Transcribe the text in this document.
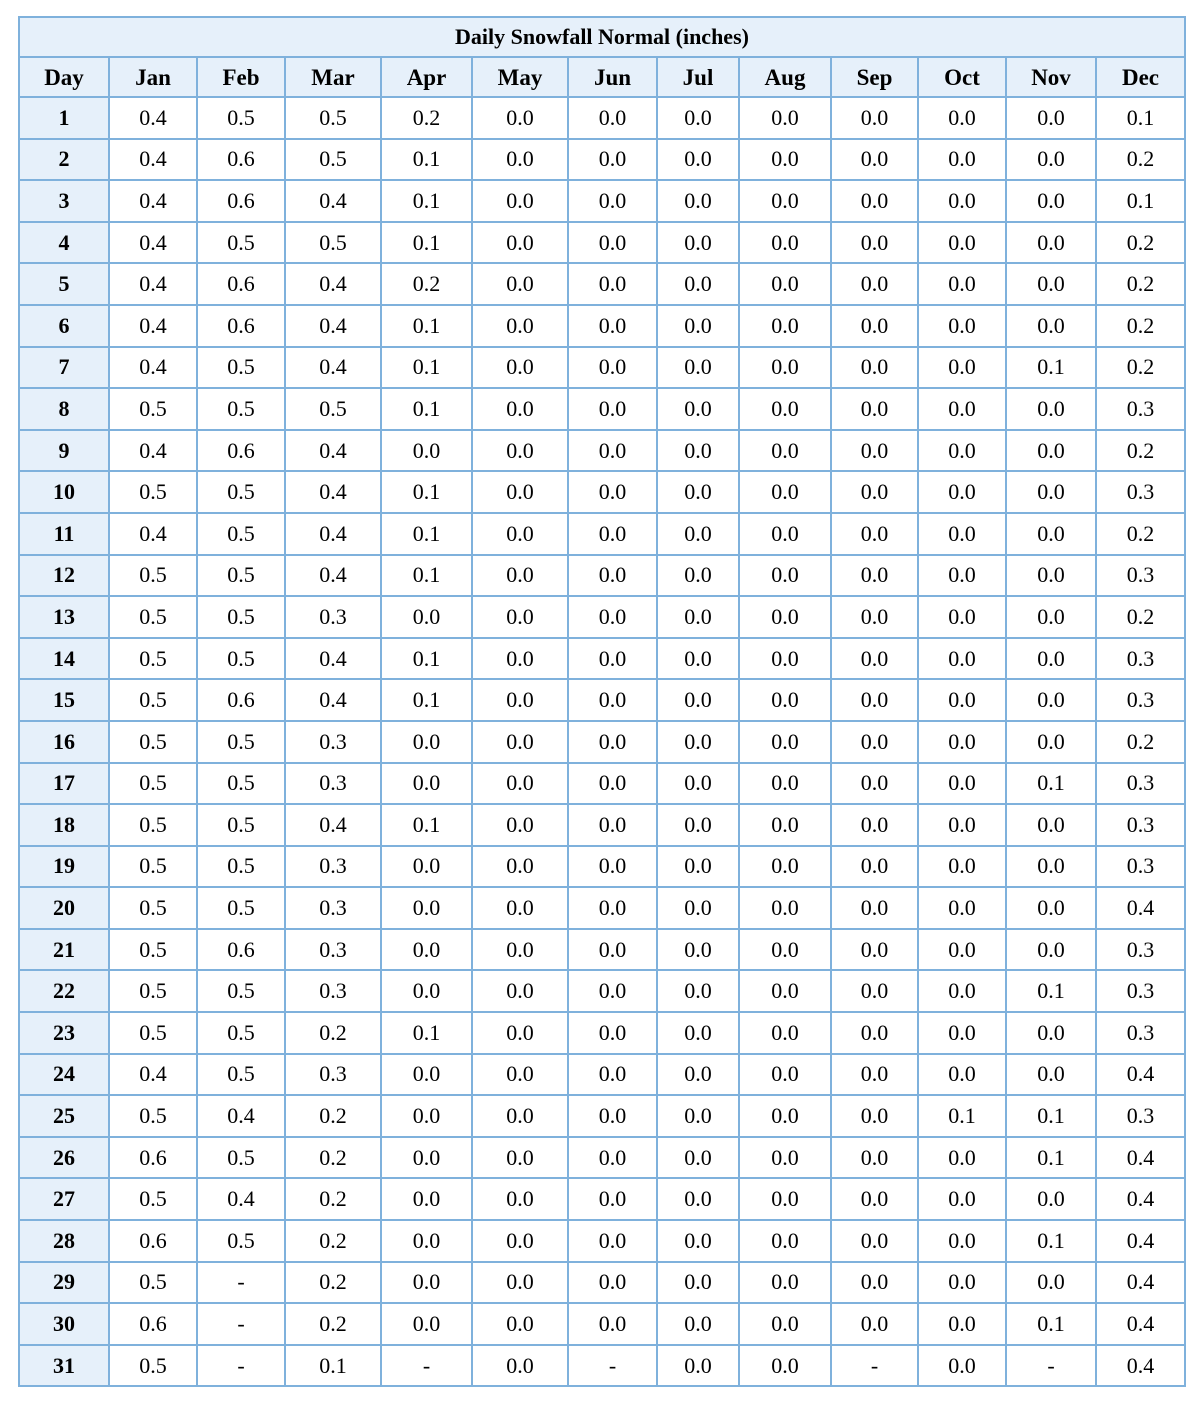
Daily Snowfall Normal (inches)												
Day	Jan	Feb	Mar	Apr	May	Jun	Jul	Aug	Sep	Oct	Nov	Dec
1	0.4	0.5	0.5	0.2	0.0	0.0	0.0	0.0	0.0	0.0	0.0	0.1
2	0.4	0.6	0.5	0.1	0.0	0.0	0.0	0.0	0.0	0.0	0.0	0.2
3	0.4	0.6	0.4	0.1	0.0	0.0	0.0	0.0	0.0	0.0	0.0	0.1
4	0.4	0.5	0.5	0.1	0.0	0.0	0.0	0.0	0.0	0.0	0.0	0.2
5	0.4	0.6	0.4	0.2	0.0	0.0	0.0	0.0	0.0	0.0	0.0	0.2
6	0.4	0.6	0.4	0.1	0.0	0.0	0.0	0.0	0.0	0.0	0.0	0.2
7	0.4	0.5	0.4	0.1	0.0	0.0	0.0	0.0	0.0	0.0	0.1	0.2
8	0.5	0.5	0.5	0.1	0.0	0.0	0.0	0.0	0.0	0.0	0.0	0.3
9	0.4	0.6	0.4	0.0	0.0	0.0	0.0	0.0	0.0	0.0	0.0	0.2
10	0.5	0.5	0.4	0.1	0.0	0.0	0.0	0.0	0.0	0.0	0.0	0.3
11	0.4	0.5	0.4	0.1	0.0	0.0	0.0	0.0	0.0	0.0	0.0	0.2
12	0.5	0.5	0.4	0.1	0.0	0.0	0.0	0.0	0.0	0.0	0.0	0.3
13	0.5	0.5	0.3	0.0	0.0	0.0	0.0	0.0	0.0	0.0	0.0	0.2
14	0.5	0.5	0.4	0.1	0.0	0.0	0.0	0.0	0.0	0.0	0.0	0.3
15	0.5	0.6	0.4	0.1	0.0	0.0	0.0	0.0	0.0	0.0	0.0	0.3
16	0.5	0.5	0.3	0.0	0.0	0.0	0.0	0.0	0.0	0.0	0.0	0.2
17	0.5	0.5	0.3	0.0	0.0	0.0	0.0	0.0	0.0	0.0	0.1	0.3
18	0.5	0.5	0.4	0.1	0.0	0.0	0.0	0.0	0.0	0.0	0.0	0.3
19	0.5	0.5	0.3	0.0	0.0	0.0	0.0	0.0	0.0	0.0	0.0	0.3
20	0.5	0.5	0.3	0.0	0.0	0.0	0.0	0.0	0.0	0.0	0.0	0.4
21	0.5	0.6	0.3	0.0	0.0	0.0	0.0	0.0	0.0	0.0	0.0	0.3
22	0.5	0.5	0.3	0.0	0.0	0.0	0.0	0.0	0.0	0.0	0.1	0.3
23	0.5	0.5	0.2	0.1	0.0	0.0	0.0	0.0	0.0	0.0	0.0	0.3
24	0.4	0.5	0.3	0.0	0.0	0.0	0.0	0.0	0.0	0.0	0.0	0.4
25	0.5	0.4	0.2	0.0	0.0	0.0	0.0	0.0	0.0	0.1	0.1	0.3
26	0.6	0.5	0.2	0.0	0.0	0.0	0.0	0.0	0.0	0.0	0.1	0.4
27	0.5	0.4	0.2	0.0	0.0	0.0	0.0	0.0	0.0	0.0	0.0	0.4
28	0.6	0.5	0.2	0.0	0.0	0.0	0.0	0.0	0.0	0.0	0.1	0.4
29	0.5	-	0.2	0.0	0.0	0.0	0.0	0.0	0.0	0.0	0.0	0.4
30	0.6	-	0.2	0.0	0.0	0.0	0.0	0.0	0.0	0.0	0.1	0.4
31	0.5	-	0.1	-	0.0	-	0.0	0.0	-	0.0	-	0.4
